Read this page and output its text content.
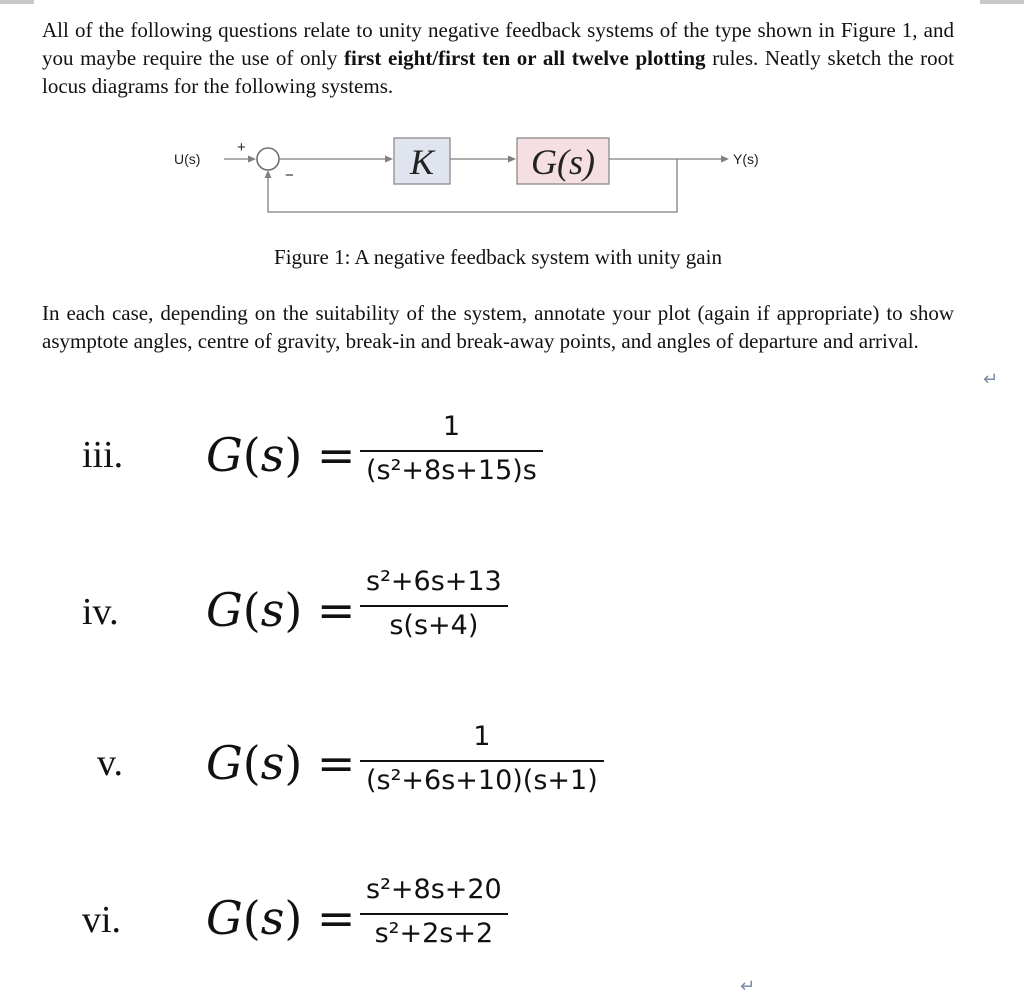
All of the following questions relate to unity negative feedback systems of the type shown in Figure 1, and you maybe require the use of only first eight/first ten or all twelve plotting rules. Neatly sketch the root locus diagrams for the following systems.

U(s)
+
−	K	G(s)	Y(s)
Figure 1: A negative feedback system with unity gain

In each case, depending on the suitability of the system, annotate your plot (again if appropriate) to show asymptote angles, centre of gravity, break-in and break-away points, and angles of departure and arrival.

↵
iii. G(s) =
1
(s²+8s+15)s
iv. G(s) =
s²+6s+13
s(s+4)
v. G(s) =	1
(s²+6s+10)(s+1)
vi. G(s) =
s²+8s+20
s²+2s+2
↵
